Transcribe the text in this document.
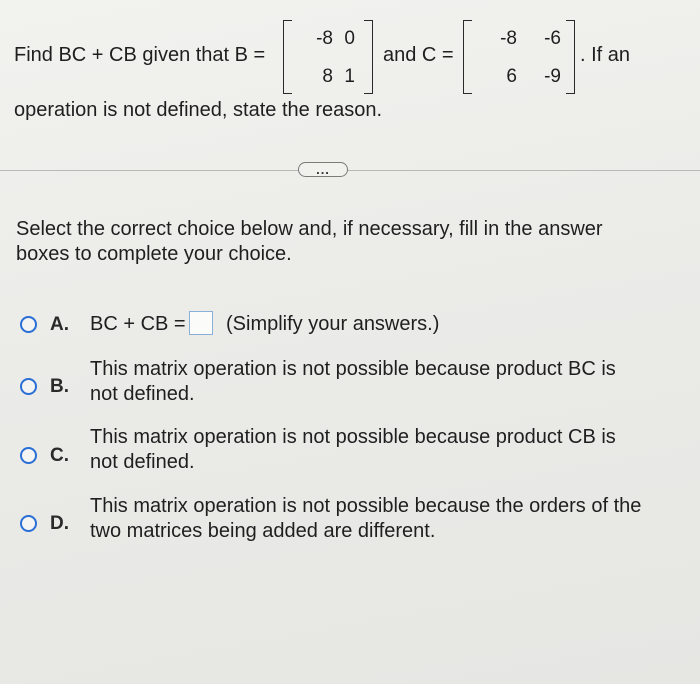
Find BC + CB given that B =
-8 0
8 1
and C =
-8	-6
6	-9
. If an
operation is not defined, state the reason.
...
Select the correct choice below and, if necessary, fill in the answer boxes to complete your choice.
A. BC + CB = (Simplify your answers.)
B.
This matrix operation is not possible because product BC is
not defined.
C.
This matrix operation is not possible because product CB is
not defined.
D.
This matrix operation is not possible because the orders of the
two matrices being added are different.
